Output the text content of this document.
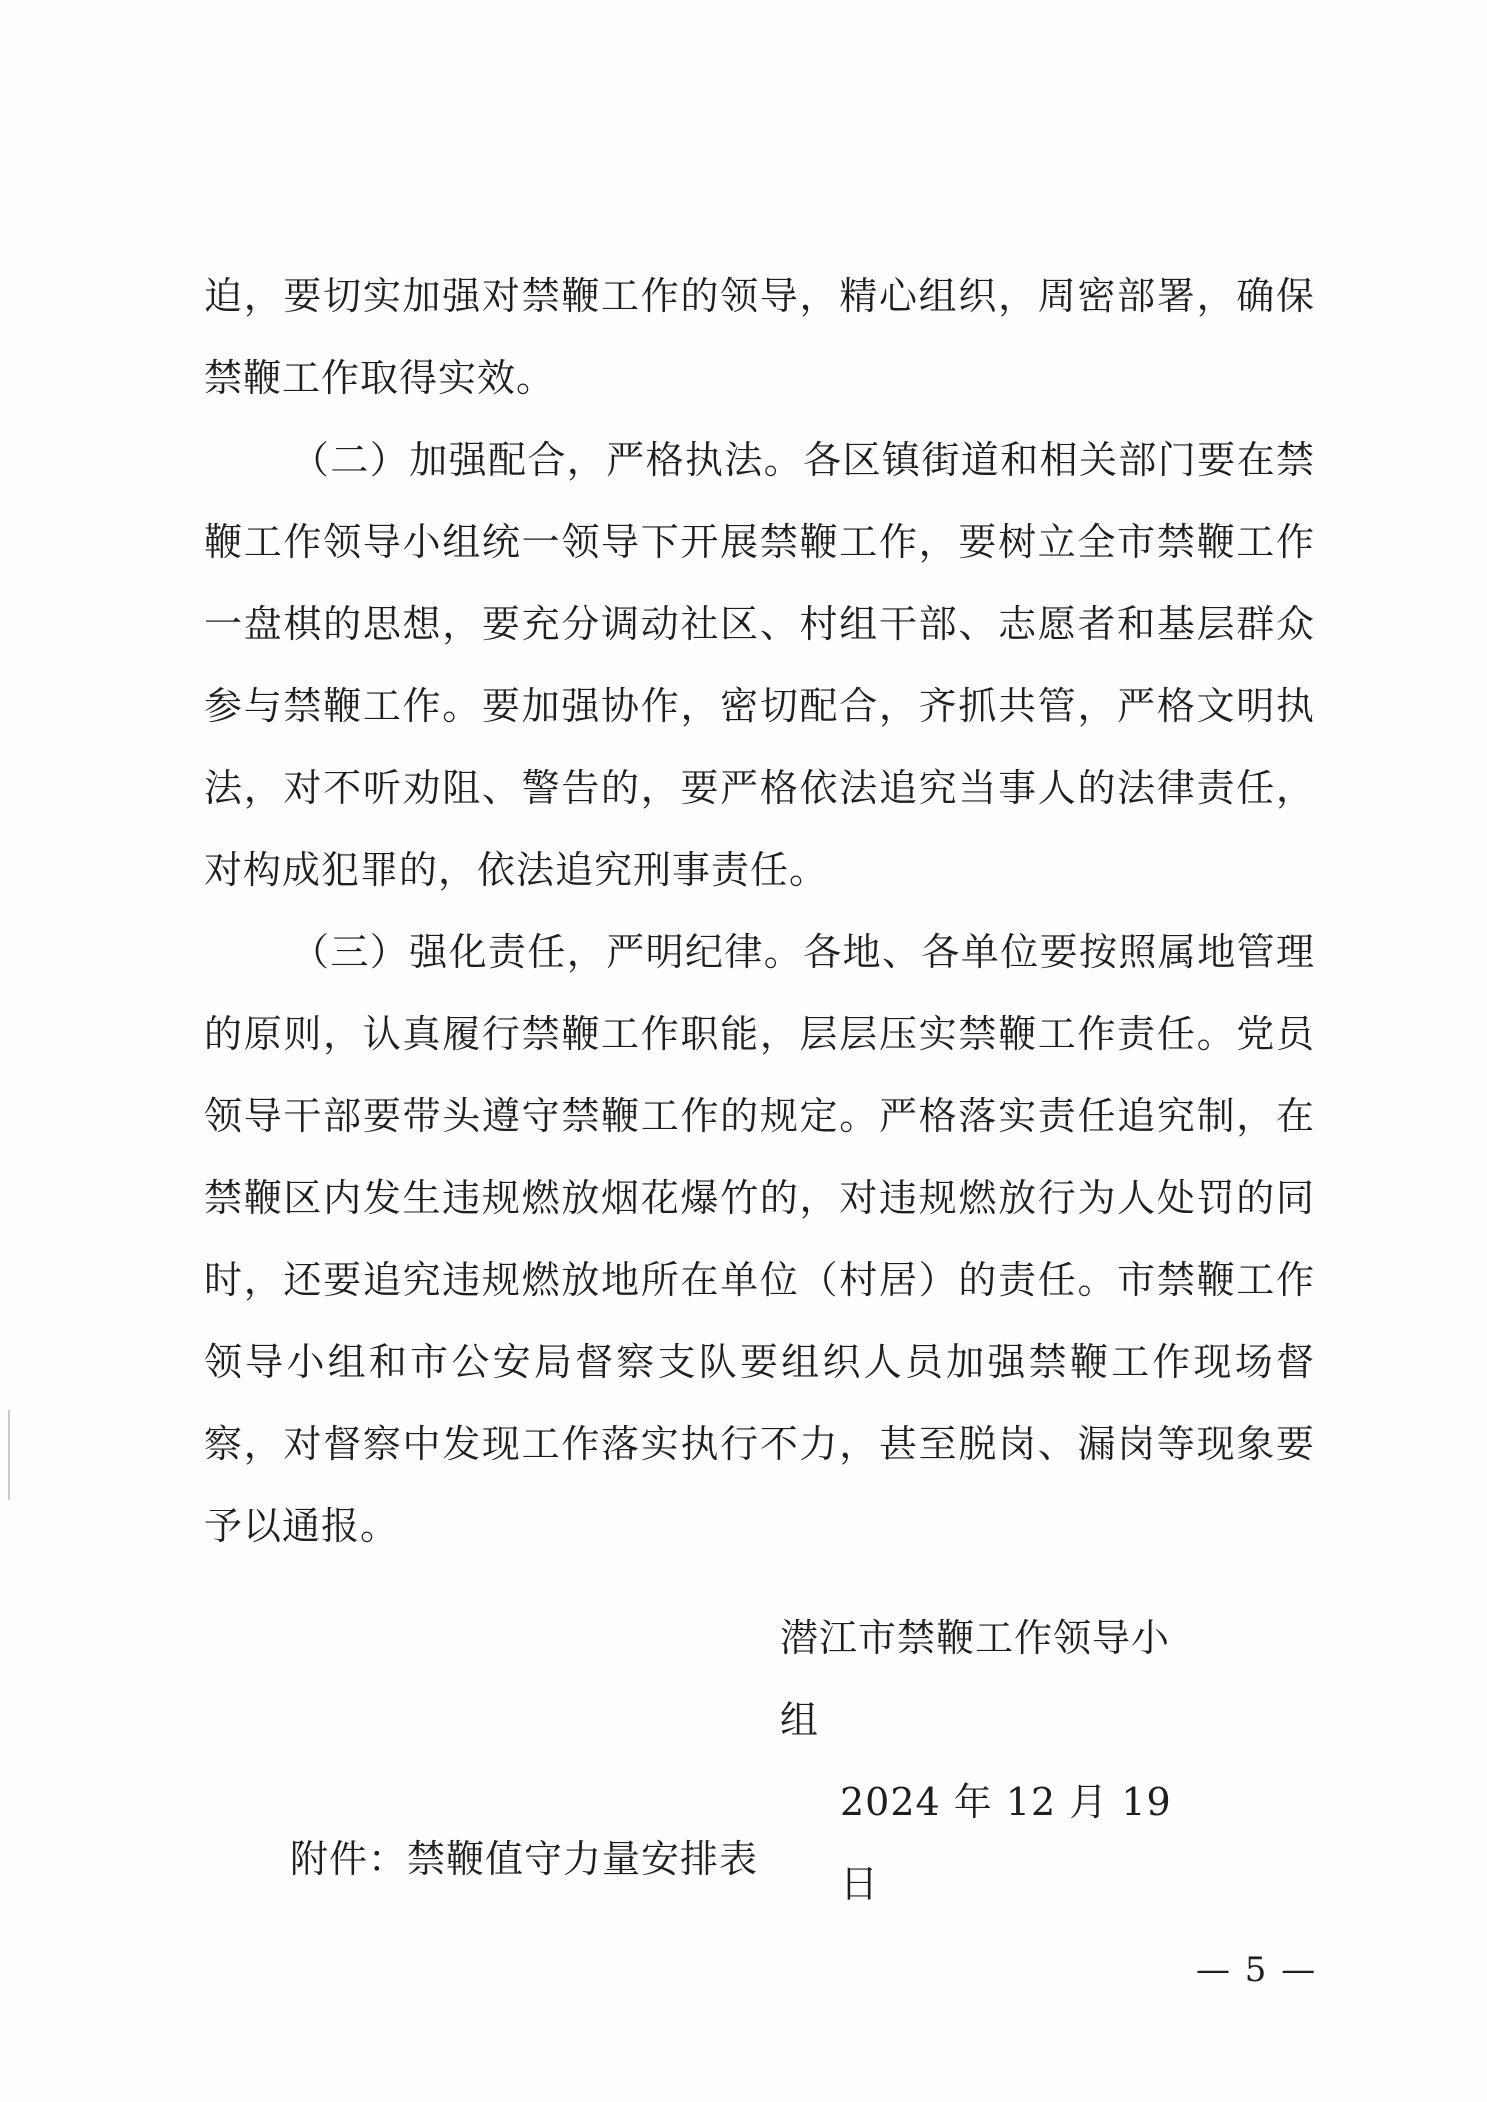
迫，要切实加强对禁鞭工作的领导，精心组织，周密部署，确保禁鞭工作取得实效。

（二）加强配合，严格执法。各区镇街道和相关部门要在禁鞭工作领导小组统一领导下开展禁鞭工作，要树立全市禁鞭工作一盘棋的思想，要充分调动社区、村组干部、志愿者和基层群众参与禁鞭工作。要加强协作，密切配合，齐抓共管，严格文明执法，对不听劝阻、警告的，要严格依法追究当事人的法律责任，对构成犯罪的，依法追究刑事责任。

（三）强化责任，严明纪律。各地、各单位要按照属地管理的原则，认真履行禁鞭工作职能，层层压实禁鞭工作责任。党员领导干部要带头遵守禁鞭工作的规定。严格落实责任追究制，在禁鞭区内发生违规燃放烟花爆竹的，对违规燃放行为人处罚的同时，还要追究违规燃放地所在单位（村居）的责任。市禁鞭工作领导小组和市公安局督察支队要组织人员加强禁鞭工作现场督察，对督察中发现工作落实执行不力，甚至脱岗、漏岗等现象要予以通报。

潜江市禁鞭工作领导小组
2024 年 12 月 19 日
附件：禁鞭值守力量安排表
— 5 —
